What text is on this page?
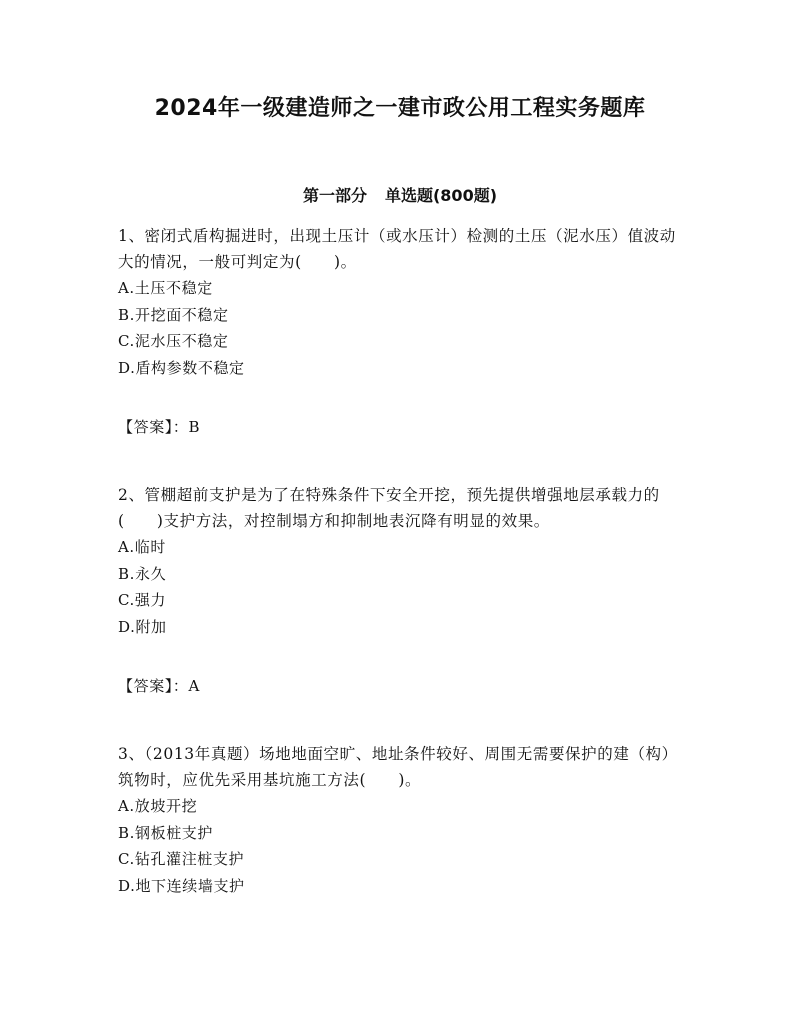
2024年一级建造师之一建市政公用工程实务题库
第一部分 单选题(800题)
1、密闭式盾构掘进时，出现土压计（或水压计）检测的土压（泥水压）值波动大的情况，一般可判定为(　　)。
A.土压不稳定
B.开挖面不稳定
C.泥水压不稳定
D.盾构参数不稳定
【答案】：B
2、管棚超前支护是为了在特殊条件下安全开挖，预先提供增强地层承载力的(　　)支护方法，对控制塌方和抑制地表沉降有明显的效果。
A.临时
B.永久
C.强力
D.附加
【答案】：A
3、（2013年真题）场地地面空旷、地址条件较好、周围无需要保护的建（构）筑物时，应优先采用基坑施工方法(　　)。
A.放坡开挖
B.钢板桩支护
C.钻孔灌注桩支护
D.地下连续墙支护
